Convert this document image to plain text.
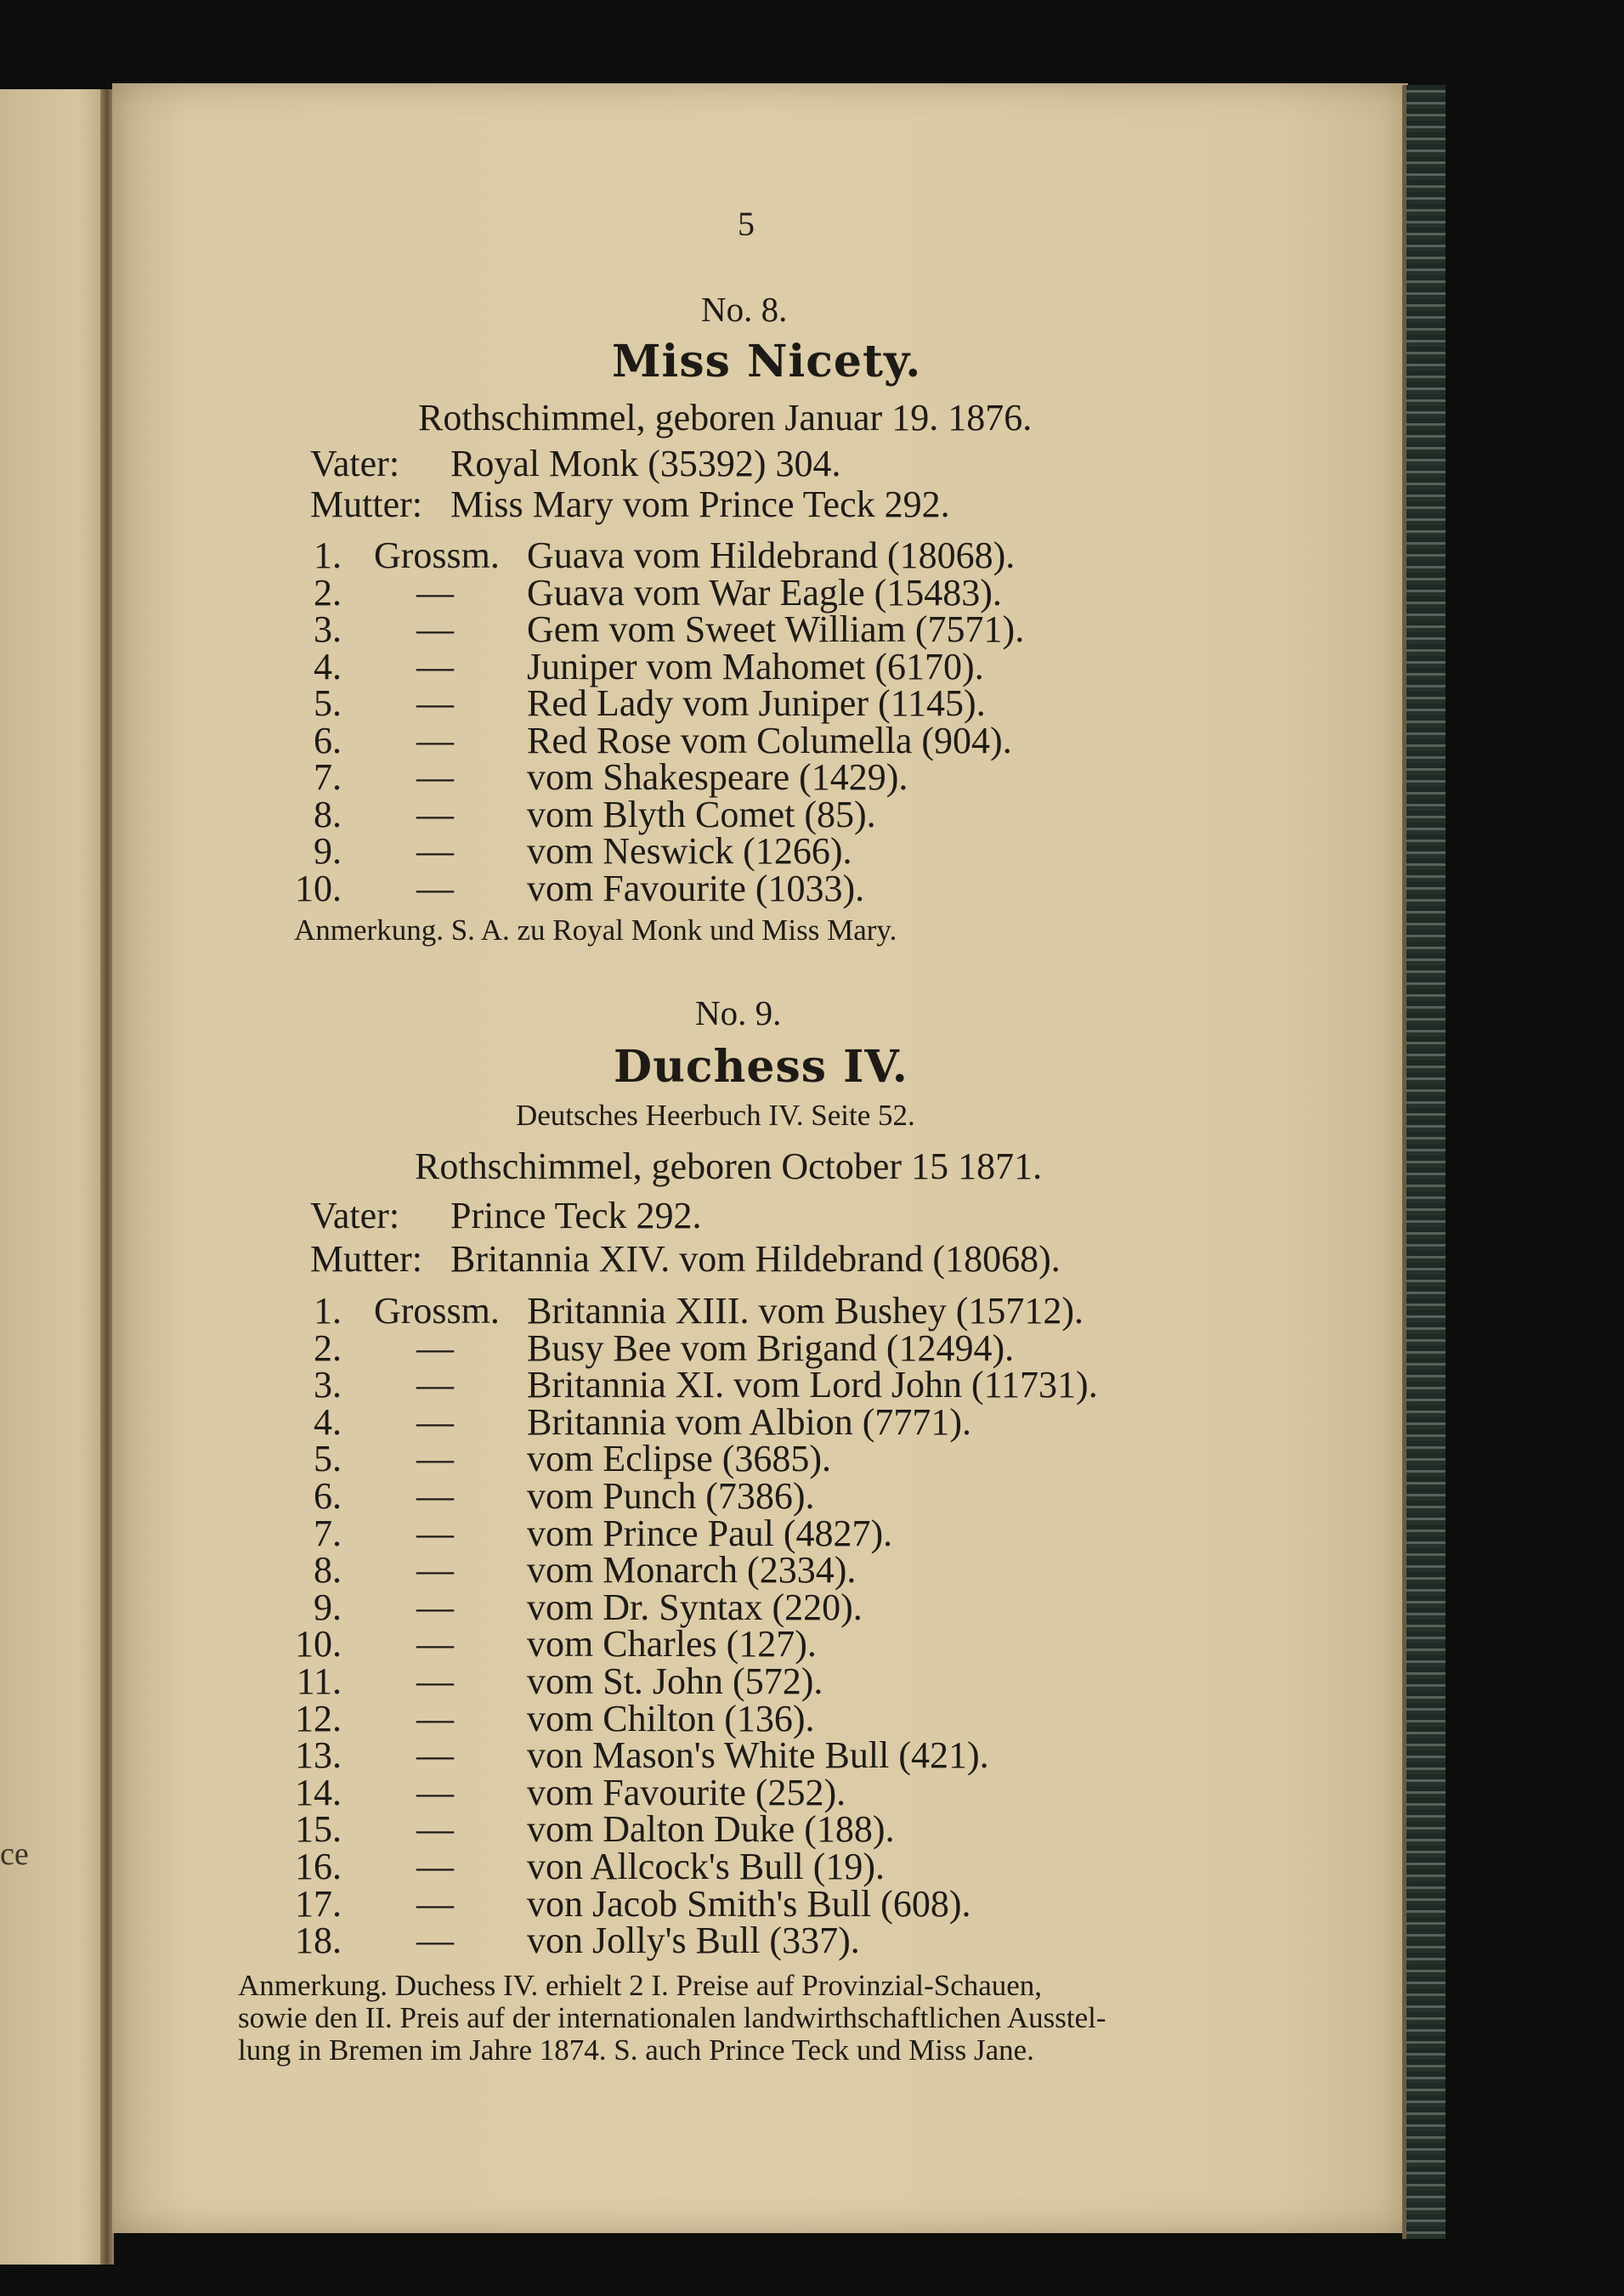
ce
5
No. 8.
Miss Nicety.
Rothschimmel, geboren Januar 19. 1876.
Vater: Royal Monk (35392) 304.
Mutter: Miss Mary vom Prince Teck 292.
1. Grossm. Guava vom Hildebrand (18068).
2. — Guava vom War Eagle (15483).
3. — Gem vom Sweet William (7571).
4. — Juniper vom Mahomet (6170).
5. — Red Lady vom Juniper (1145).
6. — Red Rose vom Columella (904).
7. — vom Shakespeare (1429).
8. — vom Blyth Comet (85).
9. — vom Neswick (1266).
10. — vom Favourite (1033).
Anmerkung. S. A. zu Royal Monk und Miss Mary.
No. 9.
Duchess IV.
Deutsches Heerbuch IV. Seite 52.
Rothschimmel, geboren October 15 1871.
Vater: Prince Teck 292.
Mutter: Britannia XIV. vom Hildebrand (18068).
1. Grossm. Britannia XIII. vom Bushey (15712).
2. — Busy Bee vom Brigand (12494).
3. — Britannia XI. vom Lord John (11731).
4. — Britannia vom Albion (7771).
5. — vom Eclipse (3685).
6. — vom Punch (7386).
7. — vom Prince Paul (4827).
8. — vom Monarch (2334).
9. — vom Dr. Syntax (220).
10. — vom Charles (127).
11. — vom St. John (572).
12. — vom Chilton (136).
13. — von Mason's White Bull (421).
14. — vom Favourite (252).
15. — vom Dalton Duke (188).
16. — von Allcock's Bull (19).
17. — von Jacob Smith's Bull (608).
18. — von Jolly's Bull (337).

Anmerkung. Duchess IV. erhielt 2 I. Preise auf Provinzial-Schauen,

sowie den II. Preis auf der internationalen landwirthschaftlichen Ausstel-

lung in Bremen im Jahre 1874. S. auch Prince Teck und Miss Jane.
